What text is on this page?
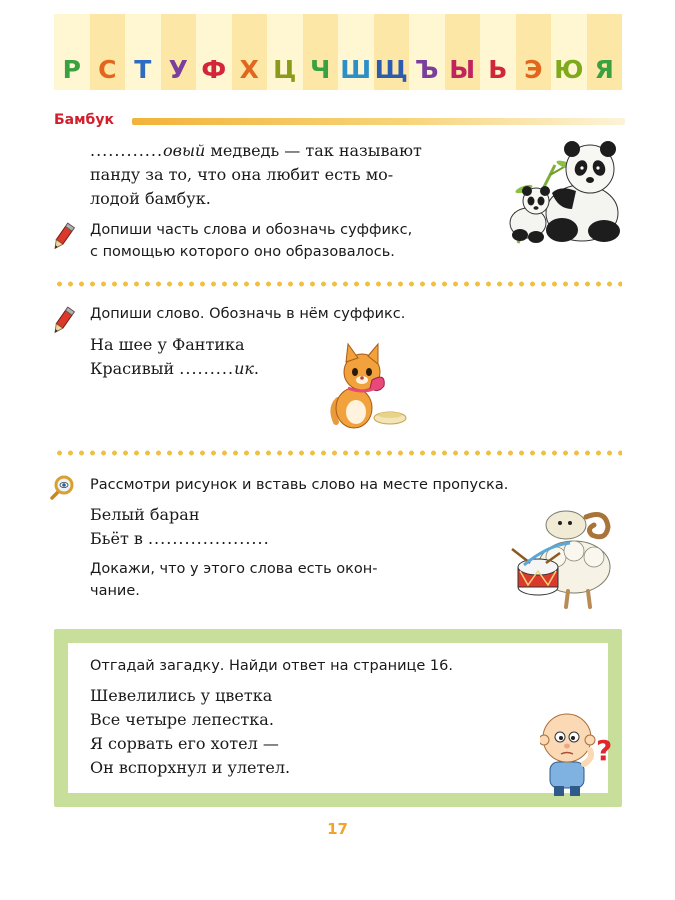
Р С Т У Ф Х Ц Ч Ш Щ Ъ Ы Ь Э Ю Я
Бамбук
............овый медведь — так называют
панду за то, что она любит есть мо-
лодой бамбук.
Допиши часть слова и обозначь суффикс,
с помощью которого оно образовалось.
Допиши слово. Обозначь в нём суффикс.
На шее у Фантика
Красивый .........ик.
Рассмотри рисунок и вставь слово на месте пропуска.
Белый баран
Бьёт в ....................
Докажи, что у этого слова есть окон-
чание.
Отгадай загадку. Найди ответ на странице 16.
Шевелились у цветка
Все четыре лепестка.
Я сорвать его хотел —
Он вспорхнул и улетел.
?
17
